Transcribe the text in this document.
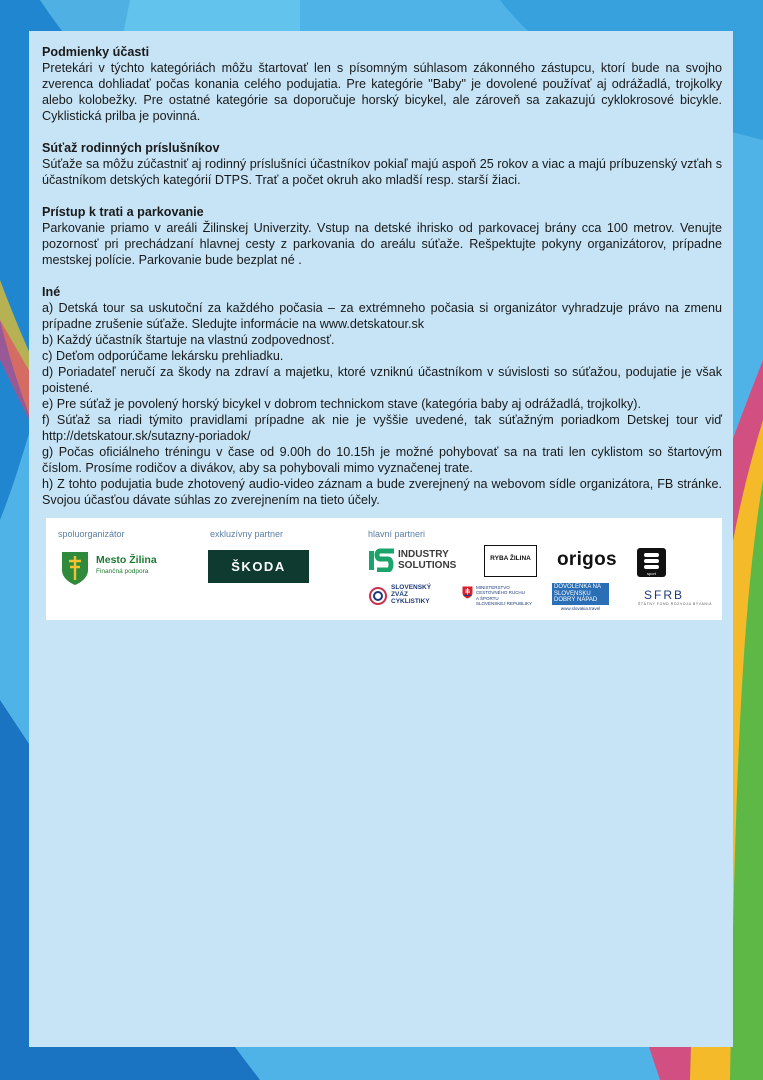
Podmienky účasti

Pretekári v týchto kategóriách môžu štartovať len s písomným súhlasom zákonného zástupcu, ktorí bude na svojho zverenca dohliadať počas konania celého podujatia. Pre kategórie "Baby" je dovolené používať aj odrážadlá, trojkolky alebo kolobežky. Pre ostatné kategórie sa doporučuje horský bicykel, ale zároveň sa zakazujú cyklokrosové bicykle. Cyklistická prilba je povinná.

Súťaž rodinných príslušníkov

Súťaže sa môžu zúčastniť aj rodinný príslušníci účastníkov pokiaľ majú aspoň 25 rokov a viac a majú príbuzenský vzťah s účastníkom detských kategórií DTPS. Trať a počet okruh ako mladší resp. starší žiaci.

Prístup k trati a parkovanie

Parkovanie priamo v areáli Žilinskej Univerzity. Vstup na detské ihrisko od parkovacej brány cca 100 metrov. Venujte pozornosť pri prechádzaní hlavnej cesty z parkovania do areálu súťaže. Rešpektujte pokyny organizátorov, prípadne mestskej polície. Parkovanie bude bezplat né .

Iné

a) Detská tour sa uskutoční za každého počasia – za extrémneho počasia si organizátor vyhradzuje právo na zmenu prípadne zrušenie súťaže. Sledujte informácie na www.detskatour.sk

b) Každý účastník štartuje na vlastnú zodpovednosť.

c) Deťom odporúčame lekársku prehliadku.

d) Poriadateľ neručí za škody na zdraví a majetku, ktoré vzniknú účastníkom v súvislosti so súťažou, podujatie je však poistené.

e) Pre súťaž je povolený horský bicykel v dobrom technickom stave (kategória baby aj odrážadlá, trojkolky).

f) Súťaž sa riadi týmito pravidlami prípadne ak nie je vyššie uvedené, tak súťažným poriadkom Detskej tour viď http://detskatour.sk/sutazny-poriadok/

g) Počas oficiálneho tréningu v čase od 9.00h do 10.15h je možné pohybovať sa na trati len cyklistom so štartovým číslom. Prosíme rodičov a divákov, aby sa pohybovali mimo vyznačenej trate.

h) Z tohto podujatia bude zhotovený audio-video záznam a bude zverejnený na webovom sídle organizátora, FB stránke. Svojou účasťou dávate súhlas zo zverejnením na tieto účely.

spoluorganizátor	exkluzívny partner	hlavní partneri
Mesto Žilina
Finančná podpora	ŠKODA
INDUSTRY
SOLUTIONS
RYBA ŽILINA origos
sport
SLOVENSKÝ
ZVÄZ
CYKLISTIKY
MINISTERSTVO
CESTOVNÉHO RUCHU
A ŠPORTU
SLOVENSKEJ REPUBLIKY
DOVOLENKA NA
SLOVENSKU
DOBRÝ NÁPAD
www.slovakia.travel
SFRB
ŠTÁTNY FOND ROZVOJA BÝVANIA
